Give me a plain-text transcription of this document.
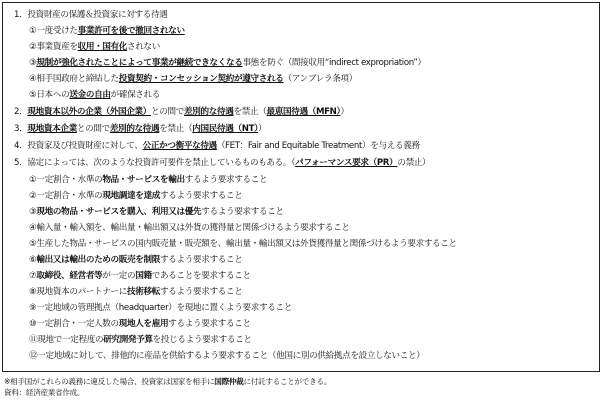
1．投資財産の保護＆投資家に対する待遇
①一度受けた事業許可を後で撤回されない
②事業資産を収用・国有化されない
③規制が強化されたことによって事業が継続できなくなる事態を防ぐ（間接収用“indirect expropriation”）
④相手国政府と締結した投資契約・コンセッション契約が遵守される（アンブレラ条項）
⑤日本への送金の自由が確保される
2．現地資本以外の企業（外国企業）との間で差別的な待遇を禁止（最恵国待遇（MFN））
3．現地資本企業との間で差別的な待遇を禁止（内国民待遇（NT））
4．投資家及び投資財産に対して、公正かつ衡平な待遇（FET：Fair and Equitable Treatment）を与える義務
5．協定によっては、次のような投資許可要件を禁止しているものもある。（パフォーマンス要求（PR）の禁止）
①一定割合・水準の物品・サービスを輸出するよう要求すること
②一定割合・水準の現地調達を達成するよう要求すること
③現地の物品・サービスを購入、利用又は優先するよう要求すること
④輸入量・輸入額を、輸出量・輸出額又は外貨の獲得量と関係づけるよう要求すること
⑤生産した物品・サービスの国内販売量・販売額を、輸出量・輸出額又は外貨獲得量と関係づけるよう要求すること
⑥輸出又は輸出のための販売を制限するよう要求すること
⑦取締役、経営者等が一定の国籍であることを要求すること
⑧現地資本のパートナーに技術移転するよう要求すること
⑨一定地域の管理拠点（headquarter）を現地に置くよう要求すること
⑩一定割合・一定人数の現地人を雇用するよう要求すること
⑪現地で一定程度の研究開発予算を投じるよう要求すること
⑫一定地域に対して、排他的に産品を供給するよう要求すること（他国に別の供給拠点を設立しないこと）
※相手国がこれらの義務に違反した場合、投資家は国家を相手に国際仲裁に付託することができる。
資料：経済産業省作成。
